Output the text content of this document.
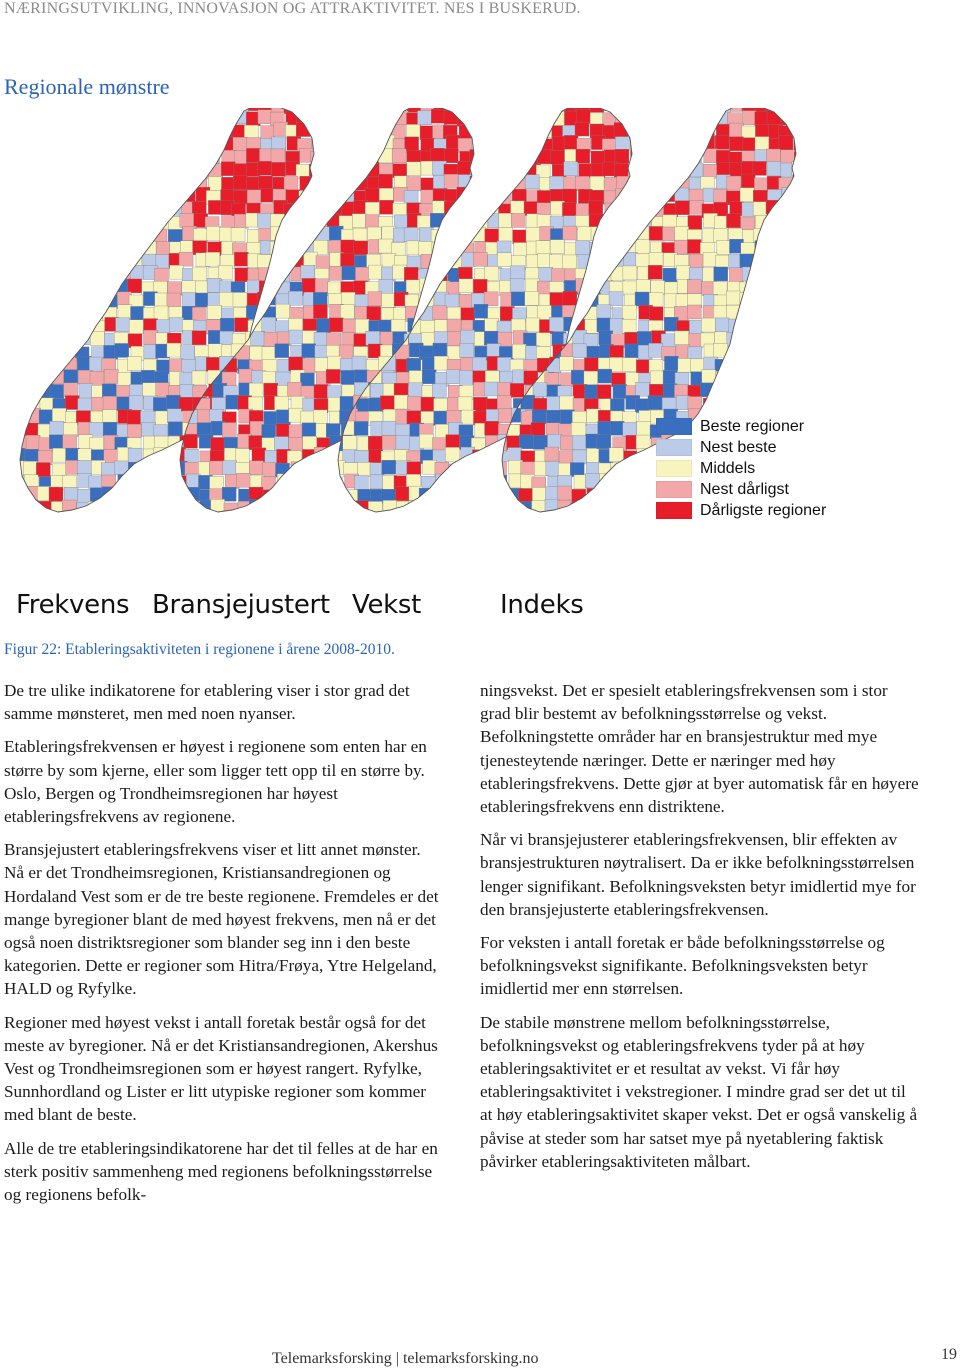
NÆRINGSUTVIKLING, INNOVASJON OG ATTRAKTIVITET. NES I BUSKERUD.
Regionale mønstre
Frekvens Bransjejustert Vekst	Indeks
Beste regioner
Nest beste
Middels
Nest dårligst
Dårligste regioner
Figur 22: Etableringsaktiviteten i regionene i årene 2008-2010.

De tre ulike indikatorene for etablering viser i stor grad det samme mønsteret, men med noen nyanser.

Etableringsfrekvensen er høyest i regionene som enten har en større by som kjerne, eller som ligger tett opp til en større by. Oslo, Bergen og Trondheimsregionen har høyest etableringsfrekvens av regionene.

Bransjejustert etableringsfrekvens viser et litt annet mønster. Nå er det Trondheimsregionen, Kristiansandregionen og Hordaland Vest som er de tre beste regionene. Fremdeles er det mange byregioner blant de med høyest frekvens, men nå er det også noen distriktsregioner som blander seg inn i den beste kategorien. Dette er regioner som Hitra/Frøya, Ytre Helgeland, HALD og Ryfylke.

Regioner med høyest vekst i antall foretak består også for det meste av byregioner. Nå er det Kristiansandregionen, Akershus Vest og Trondheimsregionen som er høyest rangert. Ryfylke, Sunnhordland og Lister er litt utypiske regioner som kommer med blant de beste.

Alle de tre etableringsindikatorene har det til felles at de har en sterk positiv sammenheng med regionens befolkningsstørrelse og regionens befolk-

ningsvekst. Det er spesielt etableringsfrekvensen som i stor grad blir bestemt av befolkningsstørrelse og vekst. Befolkningstette områder har en bransjestruktur med mye tjenesteytende næringer. Dette er næringer med høy etableringsfrekvens. Dette gjør at byer automatisk får en høyere etableringsfrekvens enn distriktene.

Når vi bransjejusterer etableringsfrekvensen, blir effekten av bransjestrukturen nøytralisert. Da er ikke befolkningsstørrelsen lenger signifikant. Befolkningsveksten betyr imidlertid mye for den bransjejusterte etableringsfrekvensen.

For veksten i antall foretak er både befolkningsstørrelse og befolkningsvekst signifikante. Befolkningsveksten betyr imidlertid mer enn størrelsen.

De stabile mønstrene mellom befolkningsstørrelse, befolkningsvekst og etableringsfrekvens tyder på at høy etableringsaktivitet er et resultat av vekst. Vi får høy etableringsaktivitet i vekstregioner. I mindre grad ser det ut til at høy etableringsaktivitet skaper vekst. Det er også vanskelig å påvise at steder som har satset mye på nyetablering faktisk påvirker etableringsaktiviteten målbart.

Telemarksforsking | telemarksforsking.no	19
